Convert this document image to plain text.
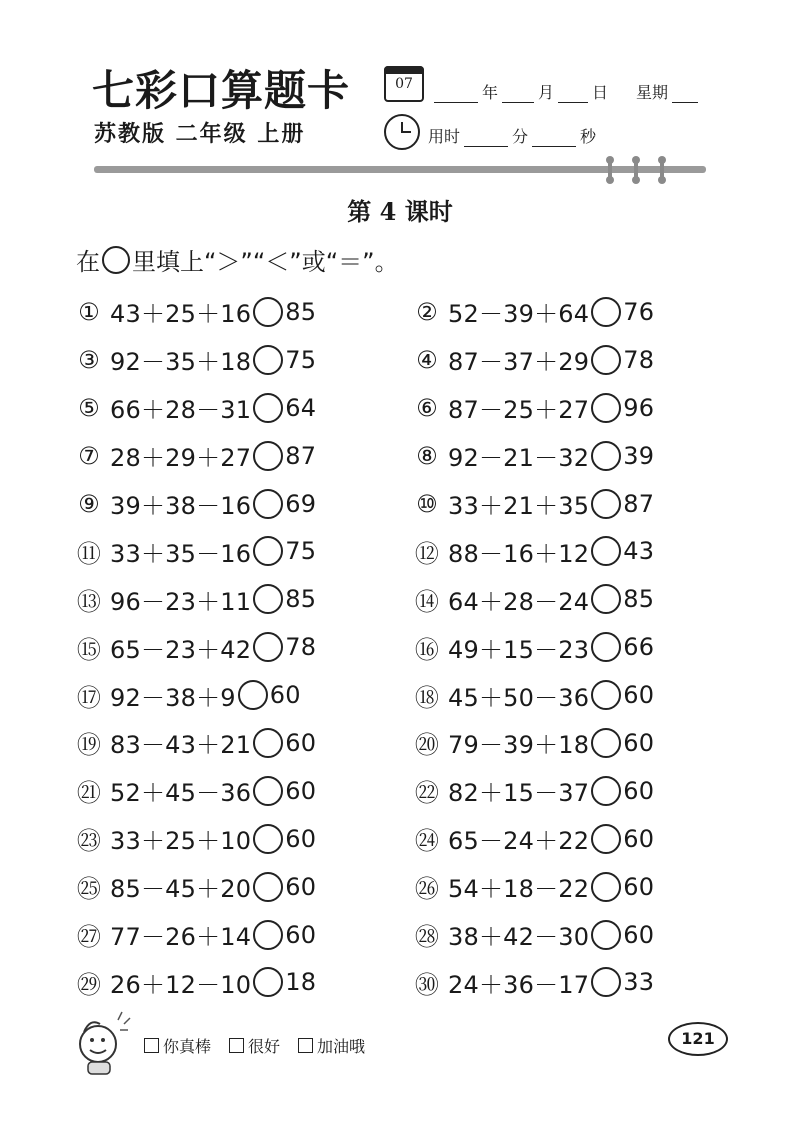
七彩口算题卡
苏教版 二年级 上册
07	年	月 日 星期
用时	分	秒
第 4 课时
在 里填上“＞”“＜”或“＝”。
① 43＋25＋16 85	② 52－39＋64 76
③ 92－35＋18 75	④ 87－37＋29 78
⑤ 66＋28－31 64	⑥ 87－25＋27 96
⑦ 28＋29＋27 87	⑧ 92－21－32 39
⑨ 39＋38－16 69	⑩ 33＋21＋35 87
⑪ 33＋35－16 75	⑫ 88－16＋12 43
⑬ 96－23＋11 85	⑭ 64＋28－24 85
⑮ 65－23＋42 78	⑯ 49＋15－23 66
⑰ 92－38＋9 60	⑱ 45＋50－36 60
⑲ 83－43＋21 60	⑳ 79－39＋18 60
㉑ 52＋45－36 60	㉒ 82＋15－37 60
㉓ 33＋25＋10 60	㉔ 65－24＋22 60
㉕ 85－45＋20 60	㉖ 54＋18－22 60
㉗ 77－26＋14 60	㉘ 38＋42－30 60
㉙ 26＋12－10 18	㉚ 24＋36－17 33
你真棒 很好 加油哦	121
